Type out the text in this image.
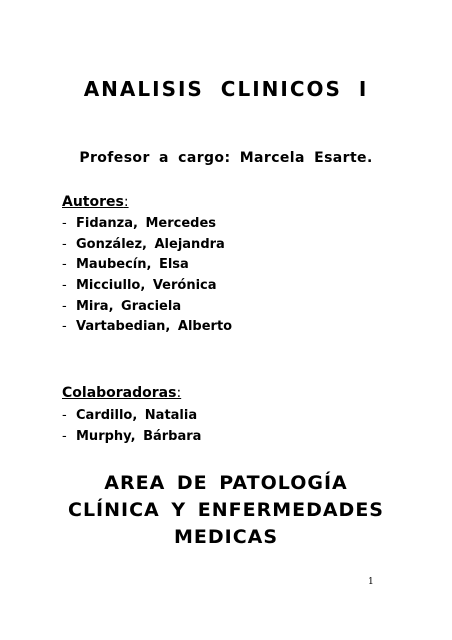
ANALISIS CLINICOS I
Profesor a cargo: Marcela Esarte.
Autores:
- Fidanza, Mercedes
- González, Alejandra
- Maubecín, Elsa
- Micciullo, Verónica
- Mira, Graciela
- Vartabedian, Alberto
Colaboradoras:
- Cardillo, Natalia
- Murphy, Bárbara
AREA DE PATOLOGÍA
CLÍNICA Y ENFERMEDADES
MEDICAS
1
